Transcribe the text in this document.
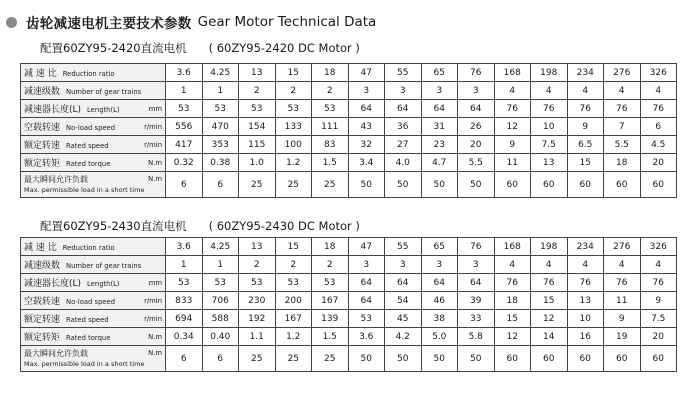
齿轮减速电机主要技术参数 Gear Motor Technical Data
配置60ZY95-2420直流电机 ( 60ZY95-2420 DC Motor )
减 速 比 Reduction ratio	3.6	4.25	13	15	18	47	55	65	76	168	198	234	276	326
减速级数 Number of gear trains	1	1	2	2	2	3	3	3	3	4	4	4	4	4
减速器长度(L) Length(L) mm	53	53	53	53	53	64	64	64	64	76	76	76	76	76
空载转速 No-load speed r/min	556	470	154	133	111	43	36	31	26	12	10	9	7	6
额定转速 Rated speed r/min	417	353	115	100	83	32	27	23	20	9	7.5	6.5	5.5	4.5
额定转矩 Rated torque N.m	0.32	0.38	1.0	1.2	1.5	3.4	4.0	4.7	5.5	11	13	15	18	20

最大瞬间允许负载
Max. permissible load in a short time
N.m	6	6	25	25	25	50	50	50	50	60	60	60	60	60
配置60ZY95-2430直流电机 ( 60ZY95-2430 DC Motor )
减 速 比 Reduction ratio	3.6	4.25	13	15	18	47	55	65	76	168	198	234	276	326
减速级数 Number of gear trains	1	1	2	2	2	3	3	3	3	4	4	4	4	4
减速器长度(L) Length(L) mm	53	53	53	53	53	64	64	64	64	76	76	76	76	76
空载转速 No-load speed r/min	833	706	230	200	167	64	54	46	39	18	15	13	11	9
额定转速 Rated speed r/min	694	588	192	167	139	53	45	38	33	15	12	10	9	7.5
额定转矩 Rated torque N.m	0.34	0.40	1.1	1.2	1.5	3.6	4.2	5.0	5.8	12	14	16	19	20

最大瞬间允许负载
Max. permissible load in a short time
N.m	6	6	25	25	25	50	50	50	50	60	60	60	60	60
